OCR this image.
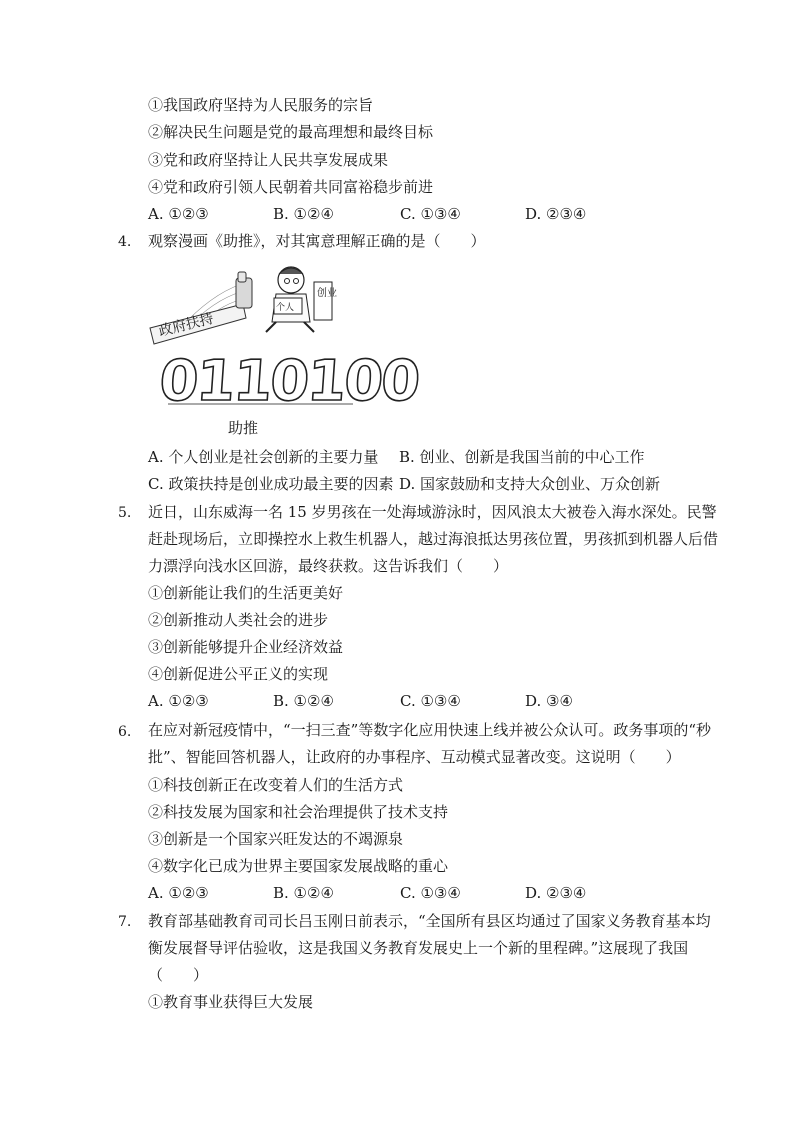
①我国政府坚持为人民服务的宗旨
②解决民生问题是党的最高理想和最终目标
③党和政府坚持让人民共享发展成果
④党和政府引领人民朝着共同富裕稳步前进
A. ①②③	B. ①②④	C. ①③④	D. ②③④
4. 观察漫画《助推》，对其寓意理解正确的是（　　）
政府扶持
个人
创业
0110100
助推
A. 个人创业是社会创新的主要力量 B. 创业、创新是我国当前的中心工作
C. 政策扶持是创业成功最主要的因素 D. 国家鼓励和支持大众创业、万众创新
5. 近日，山东威海一名 15 岁男孩在一处海域游泳时，因风浪太大被卷入海水深处。民警
赶赴现场后，立即操控水上救生机器人，越过海浪抵达男孩位置，男孩抓到机器人后借
力漂浮向浅水区回游，最终获救。这告诉我们（　　）
①创新能让我们的生活更美好
②创新推动人类社会的进步
③创新能够提升企业经济效益
④创新促进公平正义的实现
A. ①②③	B. ①②④	C. ①③④	D. ③④
6. 在应对新冠疫情中，“一扫三查”等数字化应用快速上线并被公众认可。政务事项的“秒
批”、智能回答机器人，让政府的办事程序、互动模式显著改变。这说明（　　）
①科技创新正在改变着人们的生活方式
②科技发展为国家和社会治理提供了技术支持
③创新是一个国家兴旺发达的不竭源泉
④数字化已成为世界主要国家发展战略的重心
A. ①②③	B. ①②④	C. ①③④	D. ②③④
7. 教育部基础教育司司长吕玉刚日前表示，“全国所有县区均通过了国家义务教育基本均
衡发展督导评估验收，这是我国义务教育发展史上一个新的里程碑。”这展现了我国
（　　）
①教育事业获得巨大发展
